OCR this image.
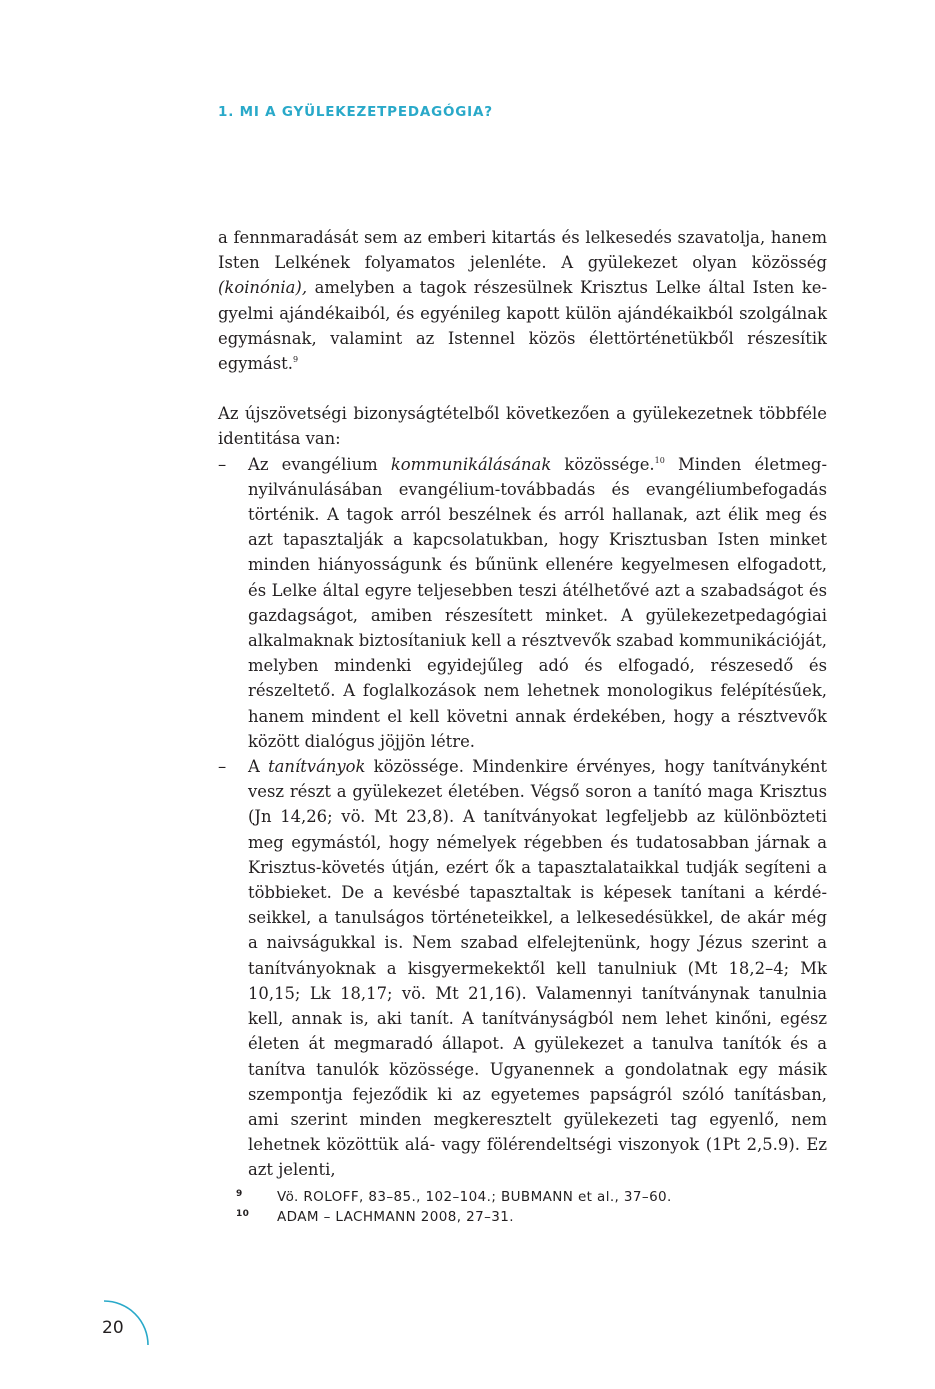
1. MI A GYÜLEKEZETPEDAGÓGIA?

a fennmaradását sem az emberi kitartás és lelkesedés szavatolja, hanem Isten Lelkének folyamatos jelenléte. A gyülekezet olyan közösség (koinónia), amelyben a tagok részesülnek Krisztus Lelke által Isten kegyelmi ajándékaiból, és egyénileg kapott külön ajándékaikból szolgálnak egymásnak, valamint az Istennel közös élettörténetükből részesítik egymást.$^9$

Az újszövetségi bizonyságtételből következően a gyülekezetnek többféle identitása van:

– Az evangélium kommunikálásának közössége.$^{10}$ Minden életmegnyilvánulásában evangélium-továbbadás és evangéliumbefogadás történik. A tagok arról beszélnek és arról hallanak, azt élik meg és azt tapasztalják a kapcsolatukban, hogy Krisztusban Isten minket minden hiányosságunk és bűnünk ellenére kegyelmesen elfogadott, és Lelke által egyre teljesebben teszi átélhetővé azt a szabadságot és gazdagságot, amiben részesített minket. A gyülekezetpedagógiai alkalmaknak biztosítaniuk kell a résztvevők szabad kommunikációját, melyben mindenki egyidejűleg adó és elfogadó, részesedő és részeltető. A foglalkozások nem lehetnek monologikus felépítésűek, hanem mindent el kell követni annak érdekében, hogy a résztvevők között dialógus jöjjön létre.
– A tanítványok közössége. Mindenkire érvényes, hogy tanítványként vesz részt a gyülekezet életében. Végső soron a tanító maga Krisztus (Jn 14,26; vö. Mt 23,8). A tanítványokat legfeljebb az különbözteti meg egymástól, hogy némelyek régebben és tudatosabban járnak a Krisztus-követés útján, ezért ők a tapasztalataikkal tudják segíteni a többieket. De a kevésbé tapasztaltak is képesek tanítani a kérdéseikkel, a tanulságos történeteikkel, a lelkesedésükkel, de akár még a naivságukkal is. Nem szabad elfelejtenünk, hogy Jézus szerint a tanítványoknak a kisgyermekektől kell tanulniuk (Mt 18,2–4; Mk 10,15; Lk 18,17; vö. Mt 21,16). Valamennyi tanítványnak tanulnia kell, annak is, aki tanít. A tanítványságból nem lehet kinőni, egész életen át megmaradó állapot. A gyülekezet a tanulva tanítók és a tanítva tanulók közössége. Ugyanennek a gondolatnak egy másik szempontja fejeződik ki az egyetemes papságról szóló tanításban, ami szerint minden megkeresztelt gyülekezeti tag egyenlő, nem lehetnek közöttük alá- vagy fölérendeltségi viszonyok (1Pt 2,5.9). Ez azt jelenti,
9	Vö. ROLOFF, 83–85., 102–104.; BUBMANN et al., 37–60.
10 ADAM – LACHMANN 2008, 27–31.
20
